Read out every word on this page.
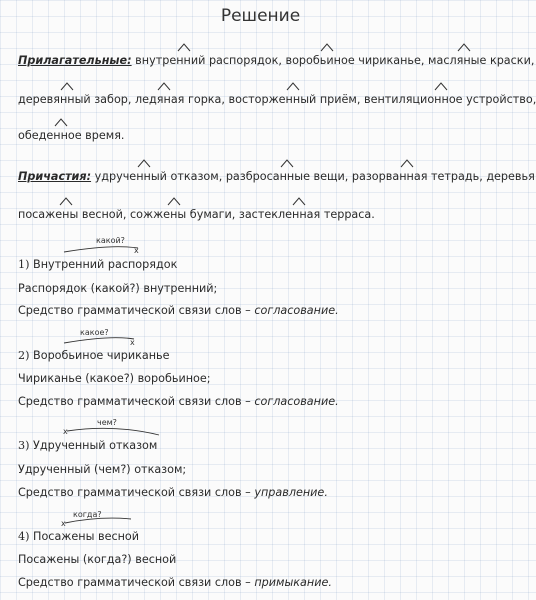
Решение
Прилагательные: внутре
нний распорядок, вороб
ьиное чириканье, масл
яные краски,
деревя
нный забор, лед
яная горка, восторже
нный приём, вентиляцио
нное устройство,
обеде
нное время.
Причастия: удруче
нный отказом, разброса
нные вещи, разорва
нная тетрадь, деревья
посаже
ны весной, сожже
ны бумаги, застекле
нная терраса.
какой?
х
1) Внутренний распорядок
Распорядок (какой?) внутренний;
Средство грамматической связи слов – согласование.
какое?
х
2) Воробьиное чириканье
Чириканье (какое?) воробьиное;
Средство грамматической связи слов – согласование.
чем?
х
3) Удрученный отказом
Удрученный (чем?) отказом;
Средство грамматической связи слов – управление.
когда?
х
4) Посажены весной
Посажены (когда?) весной
Средство грамматической связи слов – примыкание.
